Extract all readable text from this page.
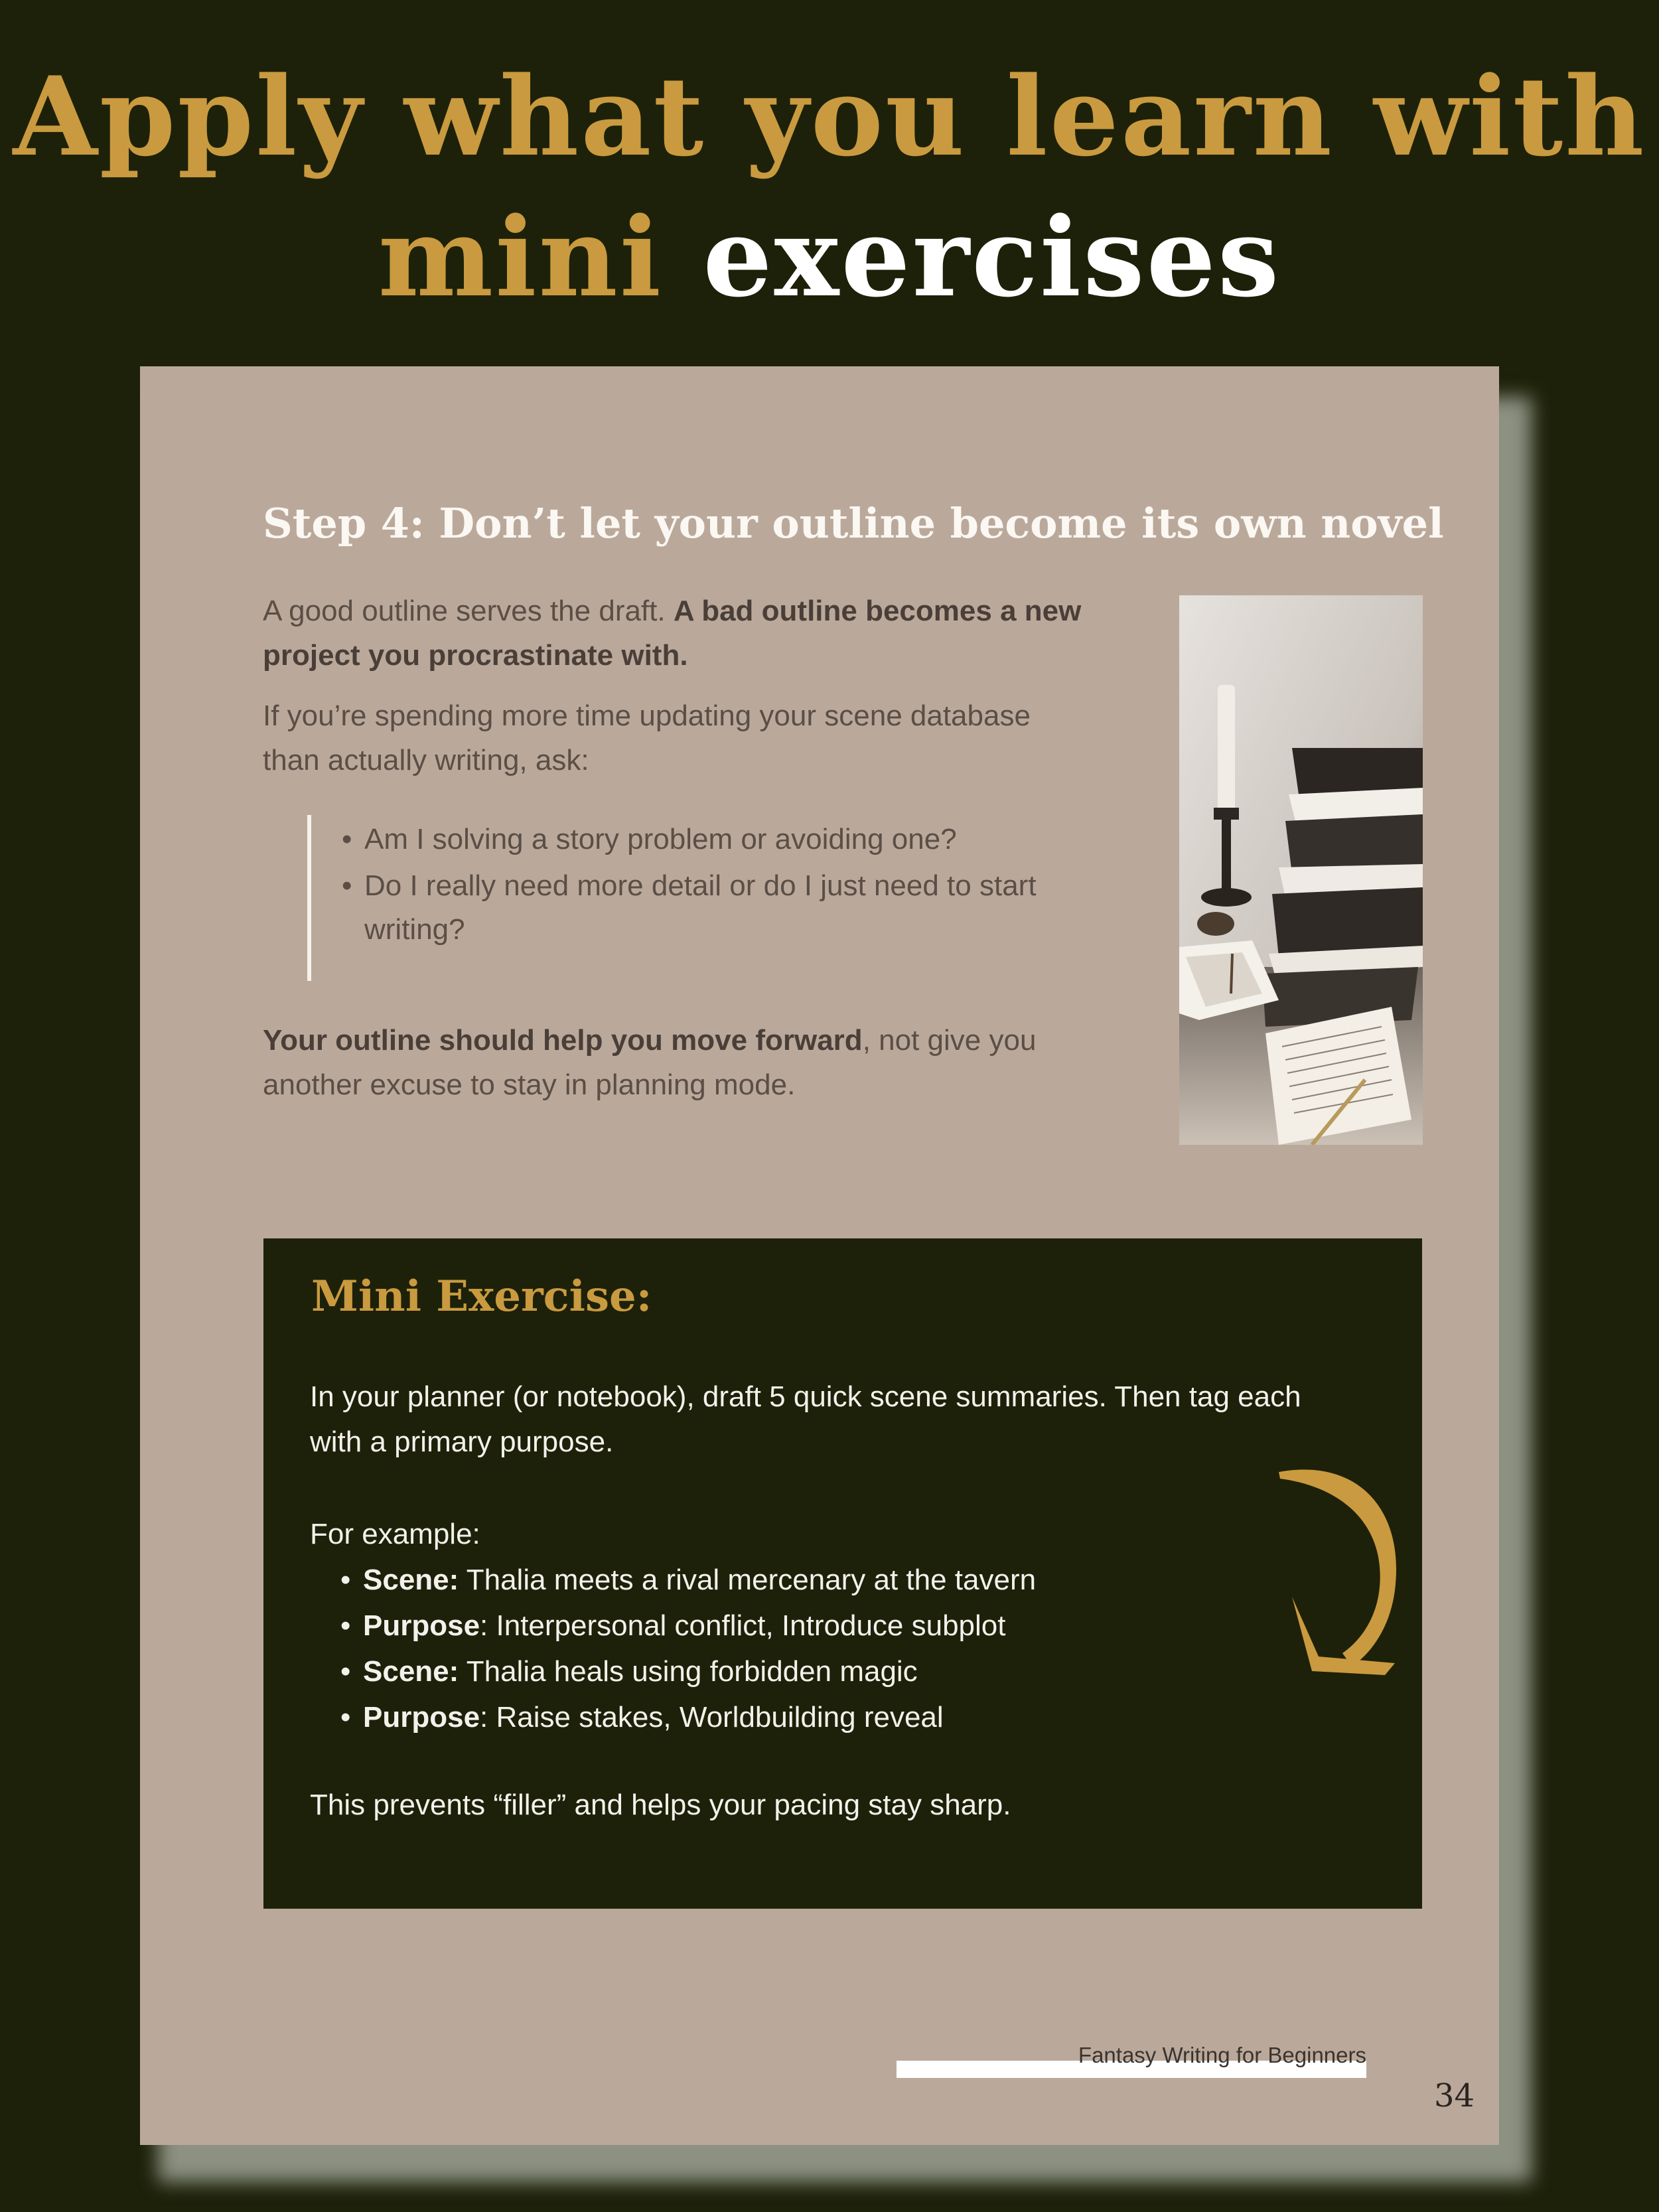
Apply what you learn with
mini exercises
Step 4: Don’t let your outline become its own novel

A good outline serves the draft. A bad outline becomes a new project you procrastinate with.

If you’re spending more time updating your scene database than actually writing, ask:

• Am I solving a story problem or avoiding one?
• Do I really need more detail or do I just need to start writing?

Your outline should help you move forward, not give you another excuse to stay in planning mode.

Mini Exercise:

In your planner (or notebook), draft 5 quick scene summaries. Then tag each with a primary purpose.

For example:

• Scene: Thalia meets a rival mercenary at the tavern
• Purpose: Interpersonal conflict, Introduce subplot
• Scene: Thalia heals using forbidden magic
• Purpose: Raise stakes, Worldbuilding reveal

This prevents “filler” and helps your pacing stay sharp.

Fantasy Writing for Beginners
34
